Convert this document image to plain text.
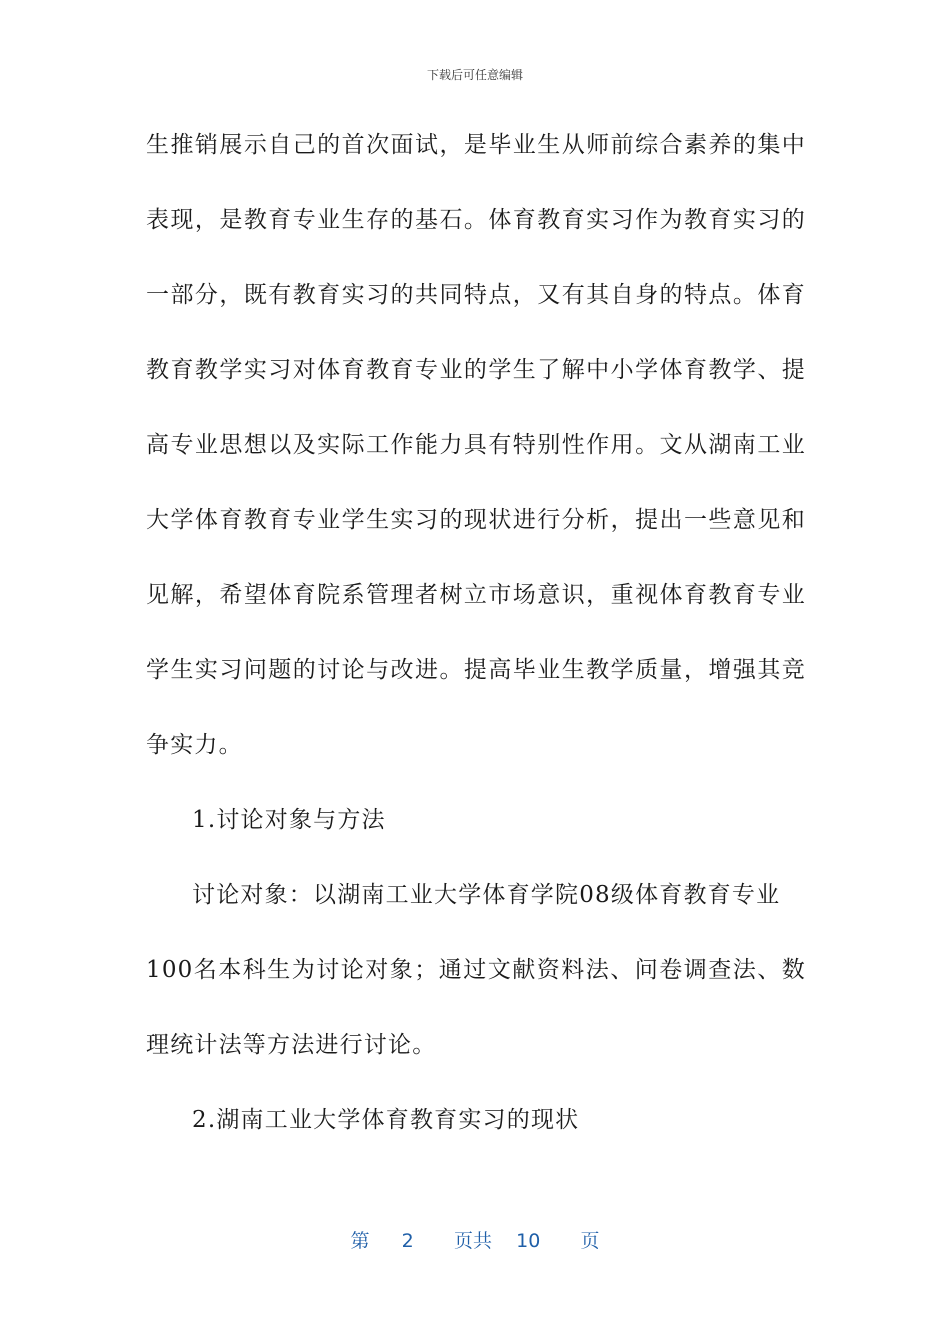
下载后可任意编辑
生推销展示自己的首次面试，是毕业生从师前综合素养的集中
表现，是教育专业生存的基石。体育教育实习作为教育实习的
一部分，既有教育实习的共同特点，又有其自身的特点。体育
教育教学实习对体育教育专业的学生了解中小学体育教学、提
高专业思想以及实际工作能力具有特别性作用。文从湖南工业
大学体育教育专业学生实习的现状进行分析，提出一些意见和
见解，希望体育院系管理者树立市场意识，重视体育教育专业
学生实习问题的讨论与改进。提高毕业生教学质量，增强其竞
争实力。
1.讨论对象与方法
讨论对象：以湖南工业大学体育学院08级体育教育专业
100名本科生为讨论对象；通过文献资料法、问卷调查法、数
理统计法等方法进行讨论。
2.湖南工业大学体育教育实习的现状
第 2 页共 10 页
